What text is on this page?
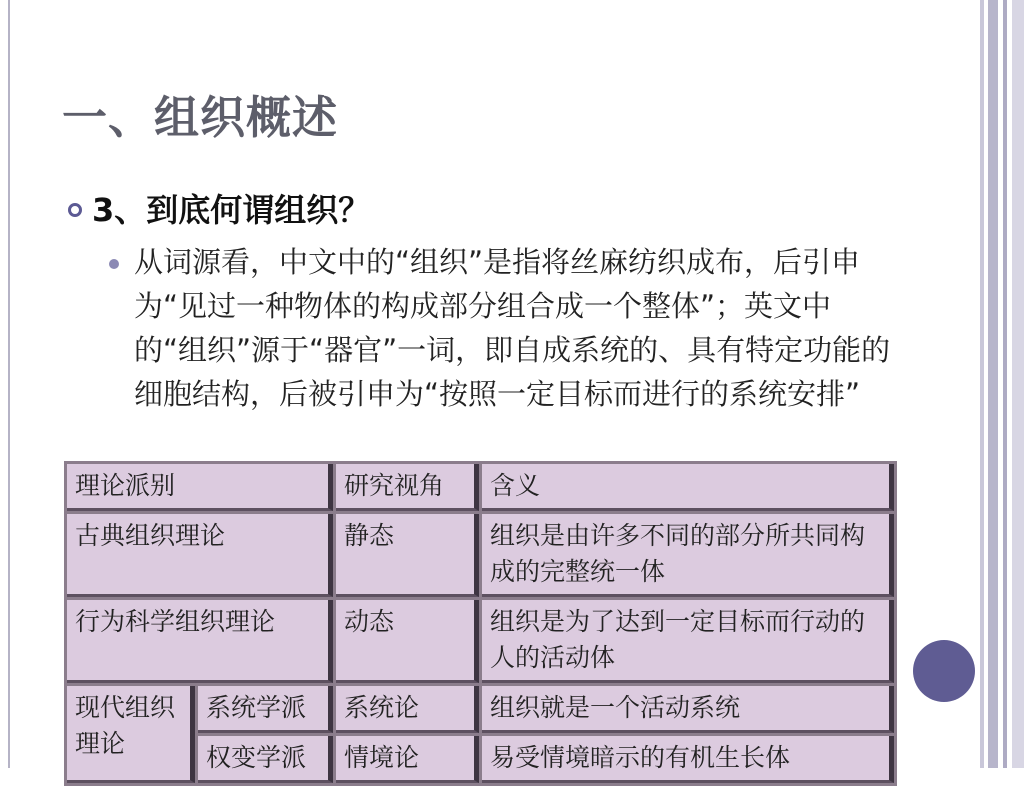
一、组织概述
3、到底何谓组织？

从词源看，中文中的“组织”是指将丝麻纺织成布，后引申为“见过一种物体的构成部分组合成一个整体”；英文中的“组织”源于“器官”一词，即自成系统的、具有特定功能的细胞结构，后被引申为“按照一定目标而进行的系统安排”

理论派别		研究视角	含义
古典组织理论		静态	组织是由许多不同的部分所共同构成的完整统一体
行为科学组织理论		动态	组织是为了达到一定目标而行动的人的活动体
现代组织理论	系统学派	系统论	组织就是一个活动系统
	权变学派	情境论	易受情境暗示的有机生长体
